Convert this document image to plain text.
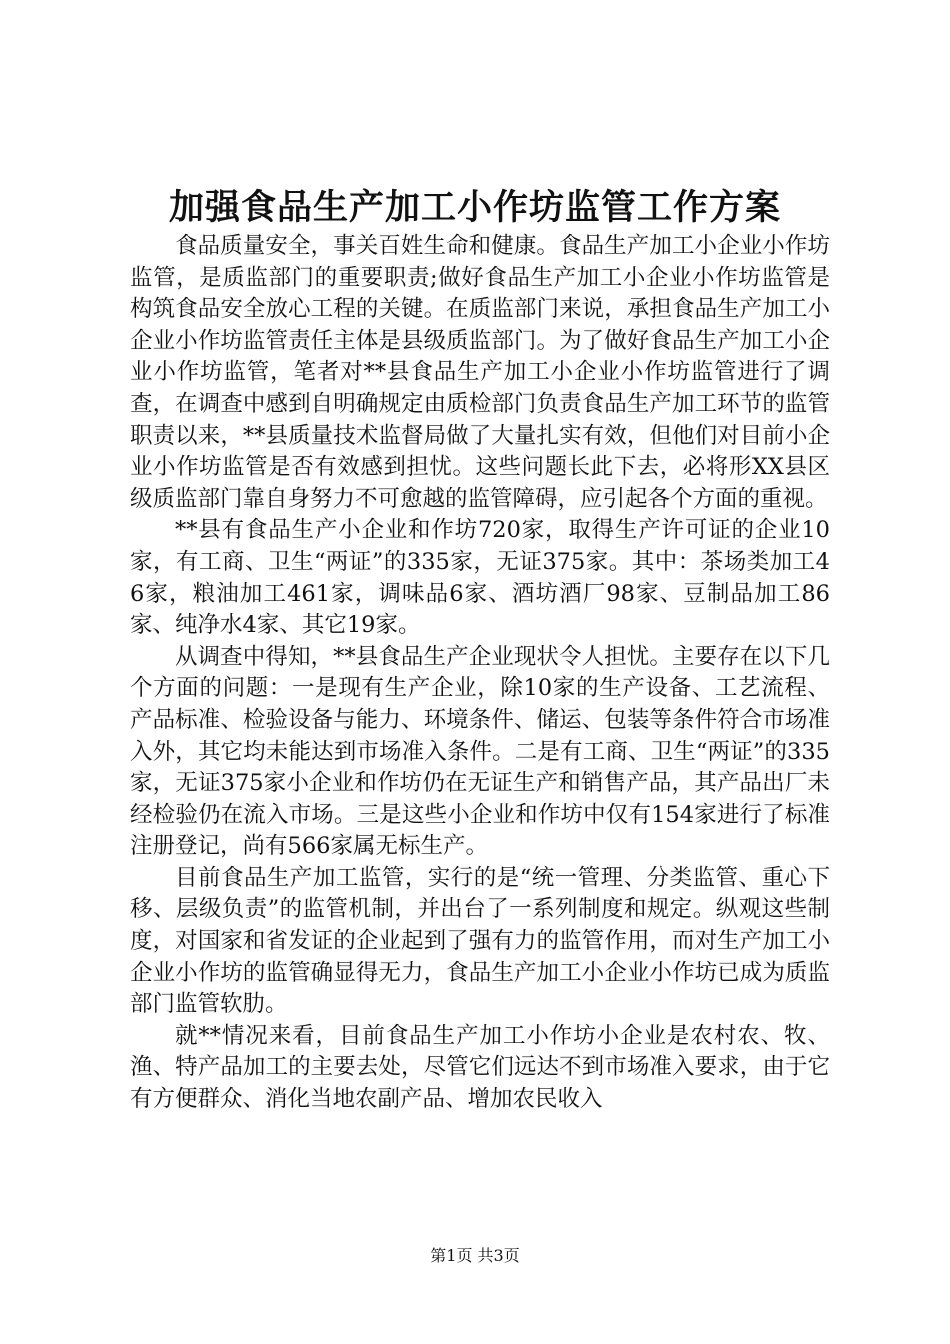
加强食品生产加工小作坊监管工作方案

食品质量安全，事关百姓生命和健康。食品生产加工小企业小作坊监管，是质监部门的重要职责;做好食品生产加工小企业小作坊监管是构筑食品安全放心工程的关键。在质监部门来说，承担食品生产加工小企业小作坊监管责任主体是县级质监部门。为了做好食品生产加工小企业小作坊监管，笔者对**县食品生产加工小企业小作坊监管进行了调查，在调查中感到自明确规定由质检部门负责食品生产加工环节的监管职责以来，**县质量技术监督局做了大量扎实有效，但他们对目前小企业小作坊监管是否有效感到担忧。这些问题长此下去，必将形XX县区级质监部门靠自身努力不可愈越的监管障碍，应引起各个方面的重视。

**县有食品生产小企业和作坊720家，取得生产许可证的企业10家，有工商、卫生“两证”的335家，无证375家。其中：茶场类加工46家，粮油加工461家，调味品6家、酒坊酒厂98家、豆制品加工86家、纯净水4家、其它19家。

从调查中得知，**县食品生产企业现状令人担忧。主要存在以下几个方面的问题：一是现有生产企业，除10家的生产设备、工艺流程、产品标准、检验设备与能力、环境条件、储运、包装等条件符合市场准入外，其它均未能达到市场准入条件。二是有工商、卫生“两证”的335家，无证375家小企业和作坊仍在无证生产和销售产品，其产品出厂未经检验仍在流入市场。三是这些小企业和作坊中仅有154家进行了标准注册登记，尚有566家属无标生产。

目前食品生产加工监管，实行的是“统一管理、分类监管、重心下移、层级负责”的监管机制，并出台了一系列制度和规定。纵观这些制度，对国家和省发证的企业起到了强有力的监管作用，而对生产加工小企业小作坊的监管确显得无力，食品生产加工小企业小作坊已成为质监部门监管软肋。

就**情况来看，目前食品生产加工小作坊小企业是农村农、牧、渔、特产品加工的主要去处，尽管它们远达不到市场准入要求，由于它有方便群众、消化当地农副产品、增加农民收入

第1页 共3页
